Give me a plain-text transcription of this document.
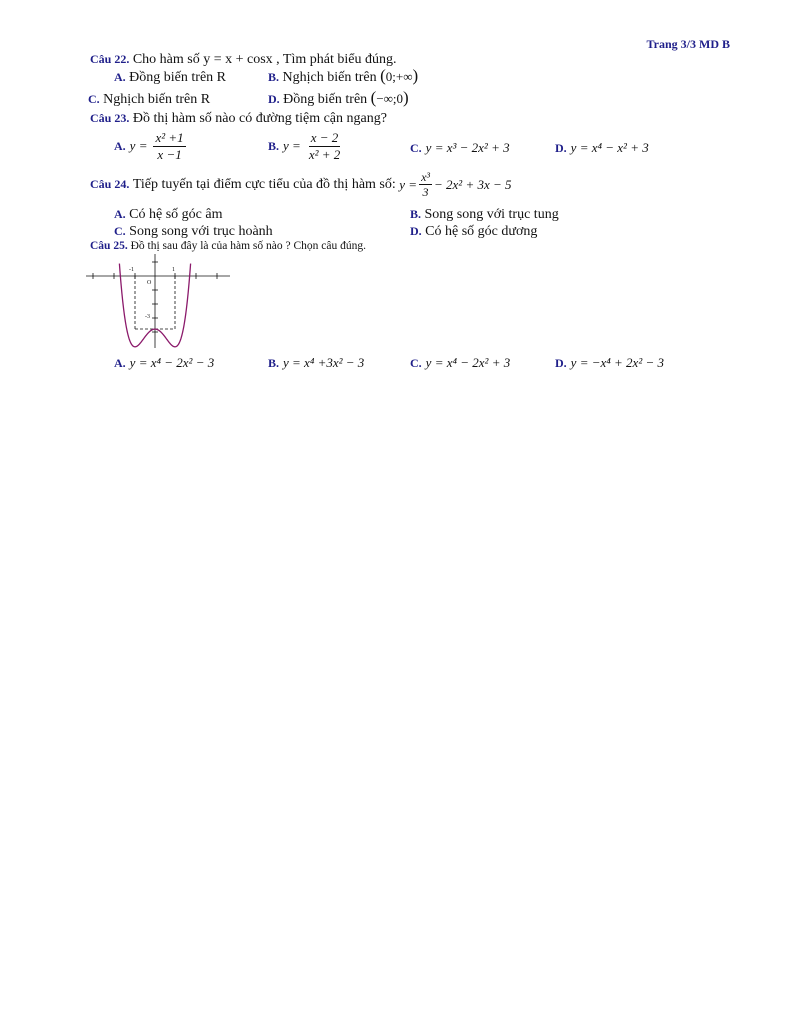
Trang 3/3 MD B
Câu 22. Cho hàm số y = x + cosx , Tìm phát biểu đúng.
A. Đồng biến trên R	B. Nghịch biến trên (0;+∞)
C. Nghịch biến trên R	D. Đồng biến trên (−∞;0)
Câu 23. Đồ thị hàm số nào có đường tiệm cận ngang?
A. $y = \frac{\text{x² +1}}{x -1}$	B. $y = \frac{x - 2}{\text{x² + 2}}$	C. y = x³ − 2x² + 3	D. y = x⁴ − x² + 3
Câu 24.
Tiếp tuyến tại điểm cực tiểu của đồ thị hàm số:
$y = \frac{\text{x³}}{3} - 2x^2 + 3x - 5$
A. Có hệ số góc âm	B. Song song với trục tung
C. Song song với trục hoành	D. Có hệ số góc dương
Câu 25. Đồ thị sau đây là của hàm số nào ? Chọn câu đúng.
-1	1
O
-3
A. y = x⁴ − 2x² − 3	B. y = x⁴ +3x² − 3	C. y = x⁴ − 2x² + 3	D. y = −x⁴ + 2x² − 3
